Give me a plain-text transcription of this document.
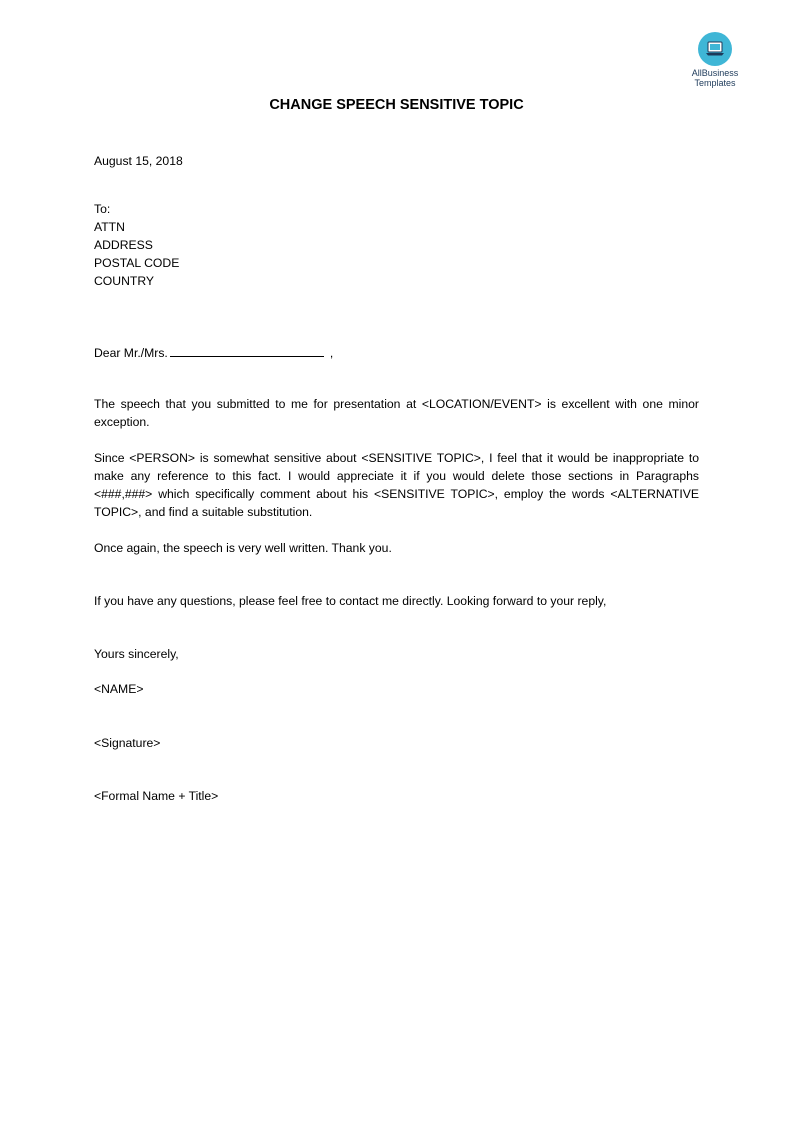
AllBusiness
Templates
CHANGE SPEECH SENSITIVE TOPIC
August 15, 2018
To:
ATTN
ADDRESS
POSTAL CODE
COUNTRY
Dear Mr./Mrs.	,
The speech that you submitted to me for presentation at <LOCATION/EVENT> is excellent with one minor exception.
Since <PERSON> is somewhat sensitive about <SENSITIVE TOPIC>, I feel that it would be inappropriate to make any reference to this fact. I would appreciate it if you would delete those sections in Paragraphs <###,###> which specifically comment about his <SENSITIVE TOPIC>, employ the words <ALTERNATIVE TOPIC>, and find a suitable substitution.
Once again, the speech is very well written. Thank you.
If you have any questions, please feel free to contact me directly. Looking forward to your reply,
Yours sincerely,
<NAME>
<Signature>
<Formal Name + Title>
